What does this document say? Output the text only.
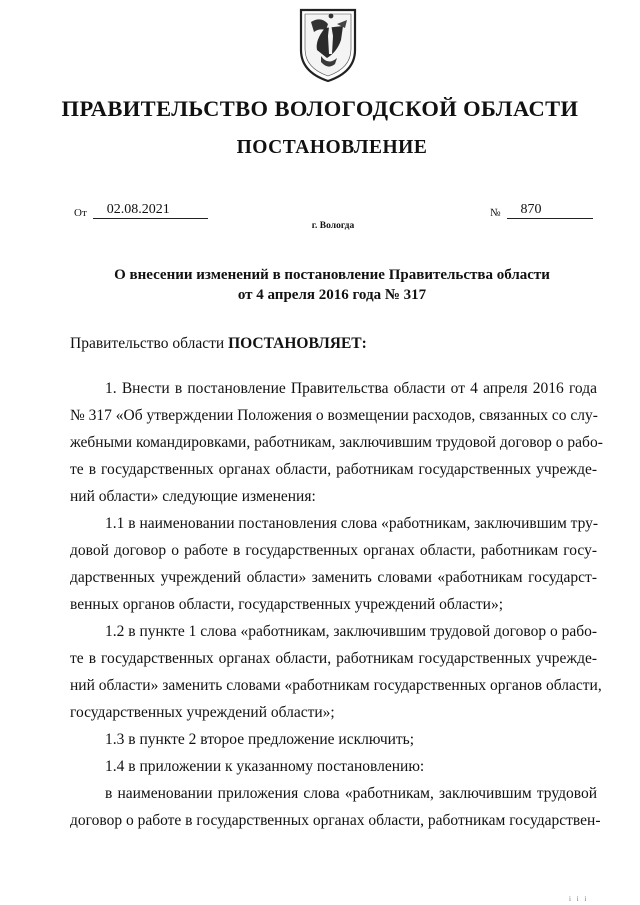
ПРАВИТЕЛЬСТВО ВОЛОГОДСКОЙ ОБЛАСТИ
ПОСТАНОВЛЕНИЕ
От	02.08.2021	№	870
г. Вологда
О внесении изменений в постановление Правительства области
от 4 апреля 2016 года № 317
Правительство области ПОСТАНОВЛЯЕТ:
1. Внести в постановление Правительства области от 4 апреля 2016 года
№ 317 «Об утверждении Положения о возмещении расходов, связанных со слу-
жебными командировками, работникам, заключившим трудовой договор о рабо-
те в государственных органах области, работникам государственных учрежде-
ний области» следующие изменения:
1.1 в наименовании постановления слова «работникам, заключившим тру-
довой договор о работе в государственных органах области, работникам госу-
дарственных учреждений области» заменить словами «работникам государст-
венных органов области, государственных учреждений области»;
1.2 в пункте 1 слова «работникам, заключившим трудовой договор о рабо-
те в государственных органах области, работникам государственных учрежде-
ний области» заменить словами «работникам государственных органов области,
государственных учреждений области»;
1.3 в пункте 2 второе предложение исключить;
1.4 в приложении к указанному постановлению:
в наименовании приложения слова «работникам, заключившим трудовой
договор о работе в государственных органах области, работникам государствен-
і і і
